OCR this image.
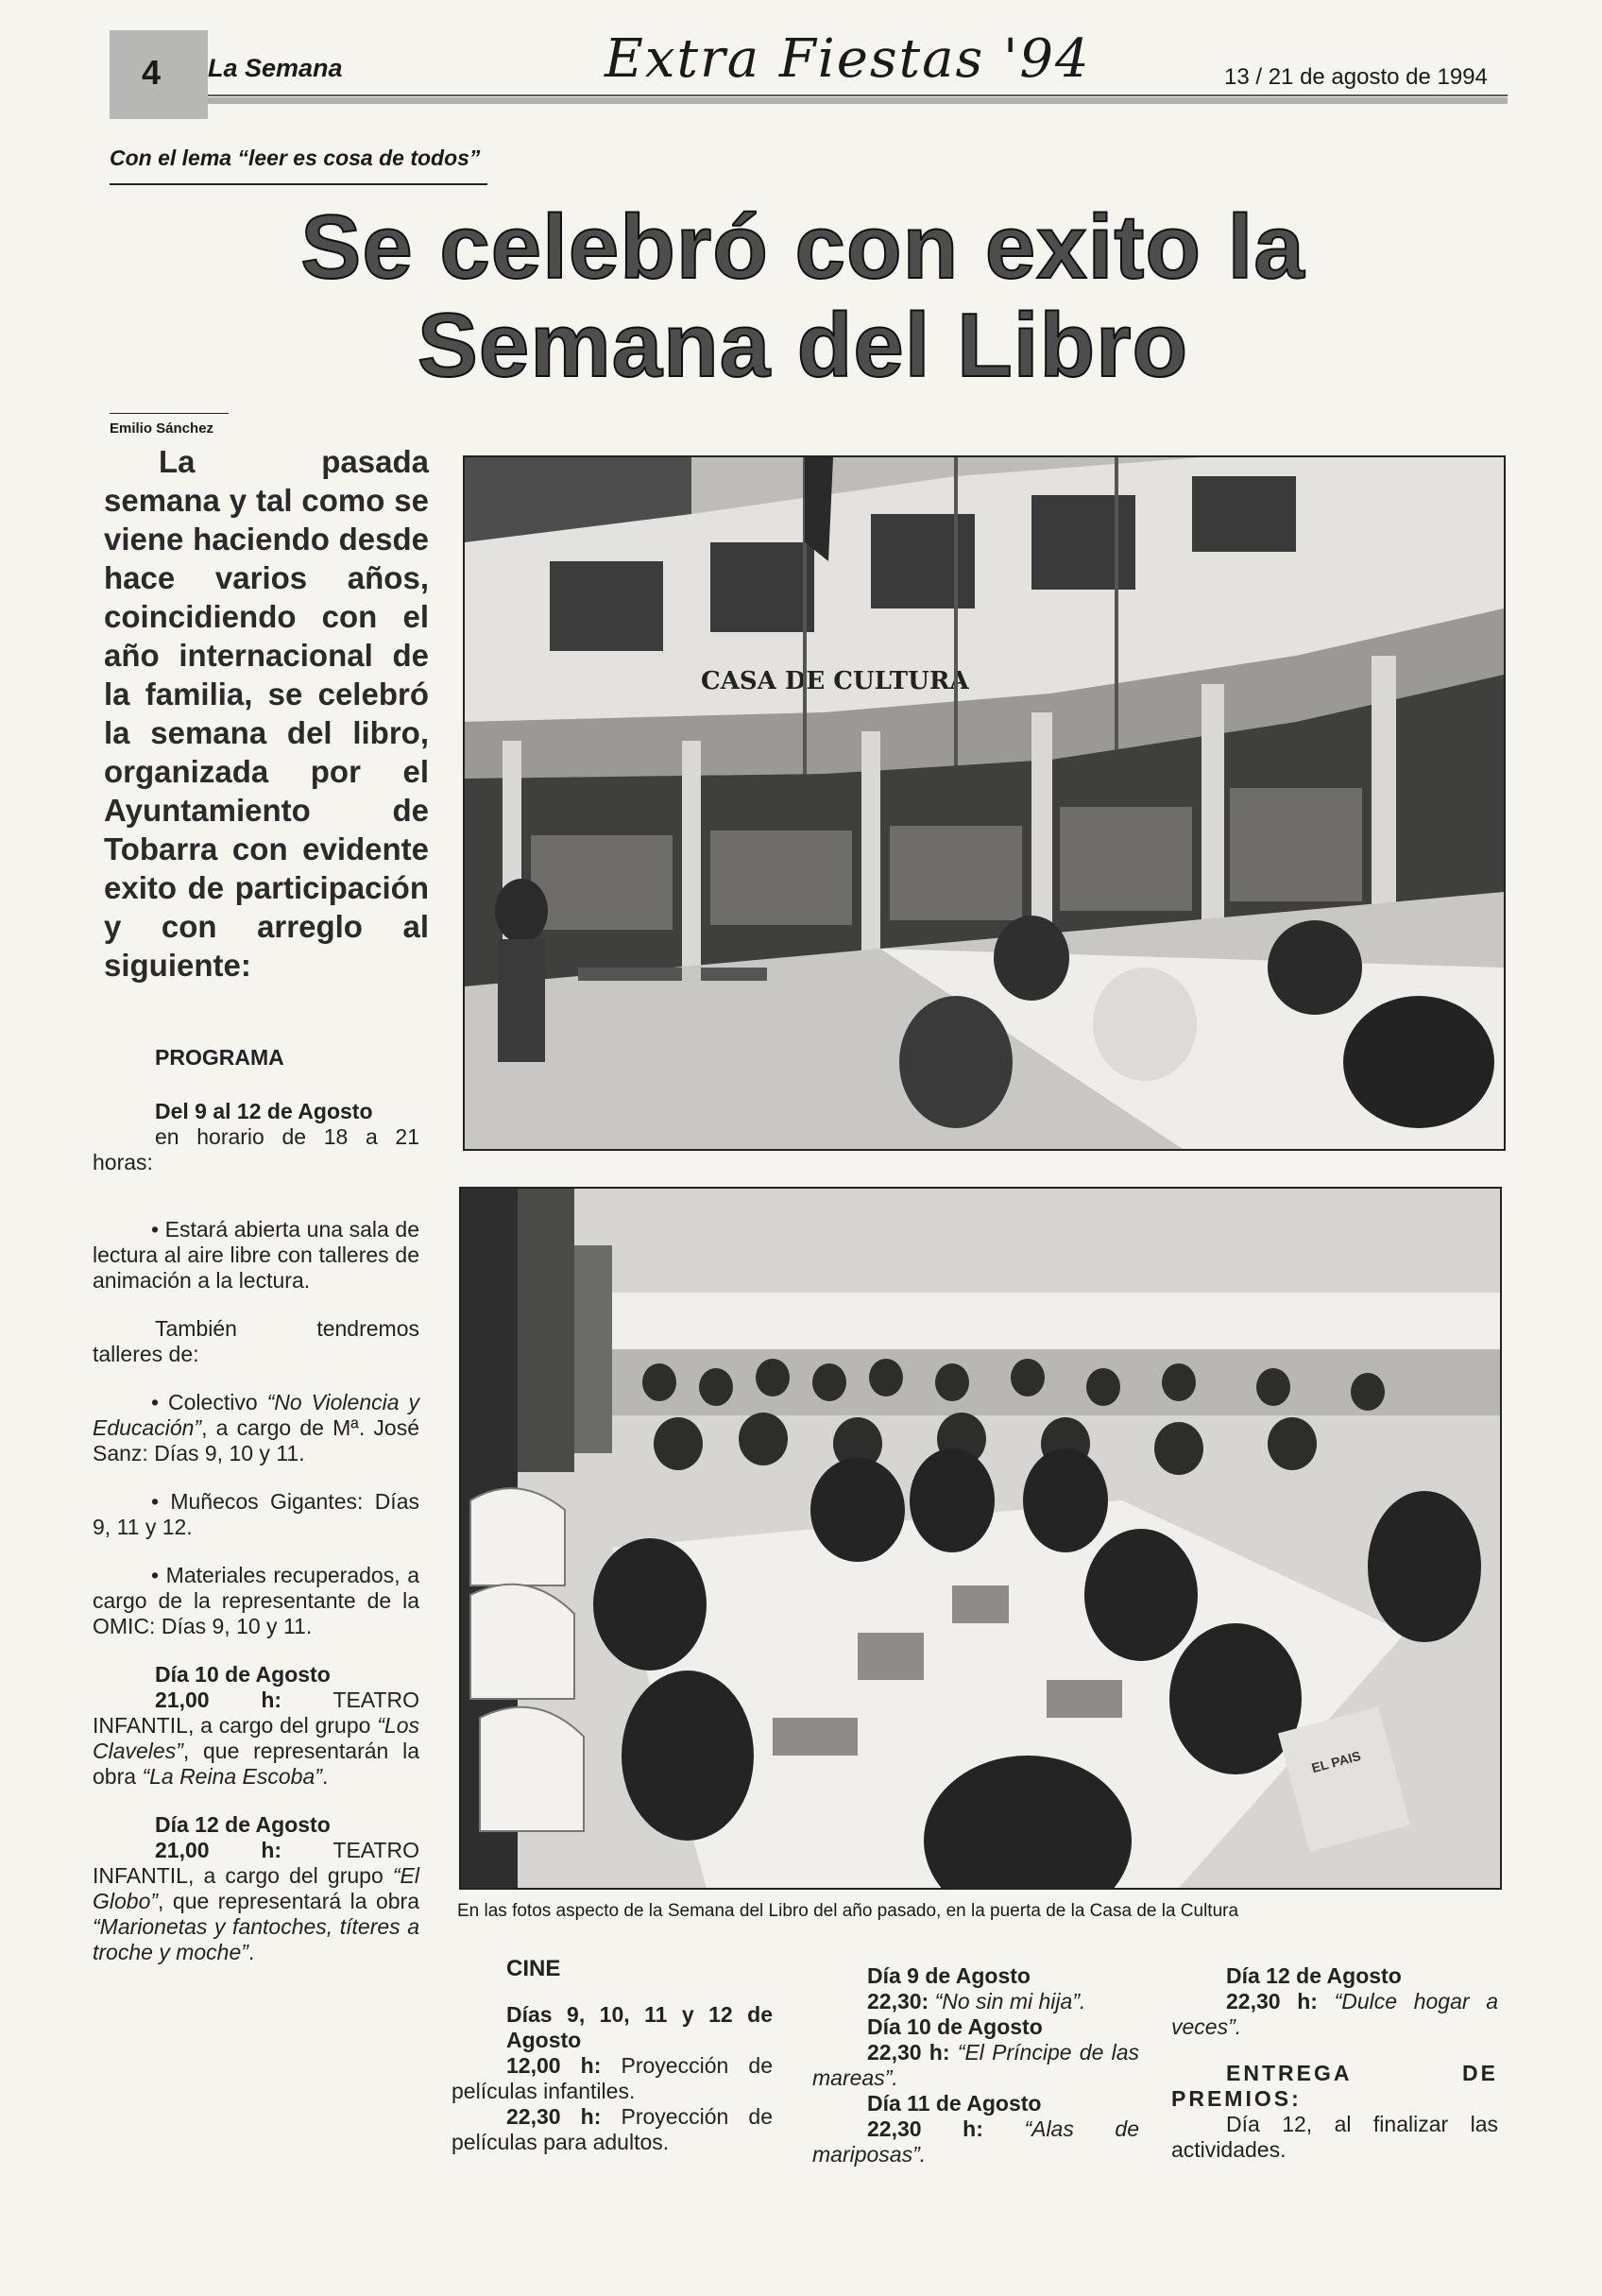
4 La Semana	Extra Fiestas '94	13 / 21 de agosto de 1994
Con el lema “leer es cosa de todos”
Se celebró con exito la
Semana del Libro
Emilio Sánchez
La pasada semana y tal como se viene haciendo desde hace varios años, coincidiendo con el año internacional de la familia, se celebró la semana del libro, organizada por el Ayuntamiento de Tobarra con evidente exito de participación y con arreglo al siguiente:

PROGRAMA

Del 9 al 12 de Agosto
en horario de 18 a 21 horas:

• Estará abierta una sala de lectura al aire libre con talleres de animación a la lectura.

También tendremos talleres de:

• Colectivo “No Violencia y Educación”, a cargo de Mª. José Sanz: Días 9, 10 y 11.

• Muñecos Gigantes: Días 9, 11 y 12.

• Materiales recuperados, a cargo de la representante de la OMIC: Días 9, 10 y 11.

Día 10 de Agosto
21,00 h: TEATRO INFANTIL, a cargo del grupo “Los Claveles”, que representarán la obra “La Reina Escoba”.

Día 12 de Agosto
21,00 h: TEATRO INFANTIL, a cargo del grupo “El Globo”, que representará la obra “Marionetas y fantoches, títeres a troche y moche”.

CASA DE CULTURA
EL PAIS
En las fotos aspecto de la Semana del Libro del año pasado, en la puerta de la Casa de la Cultura

CINE

Días 9, 10, 11 y 12 de Agosto

12,00 h: Proyección de películas infantiles.

22,30 h: Proyección de películas para adultos.

Día 9 de Agosto

22,30: “No sin mi hija”.

Día 10 de Agosto

22,30 h: “El Príncipe de las mareas”.

Día 11 de Agosto

22,30 h: “Alas de mariposas”.

Día 12 de Agosto

22,30 h: “Dulce hogar a veces”.

ENTREGA DE PREMIOS:

Día 12, al finalizar las actividades.
